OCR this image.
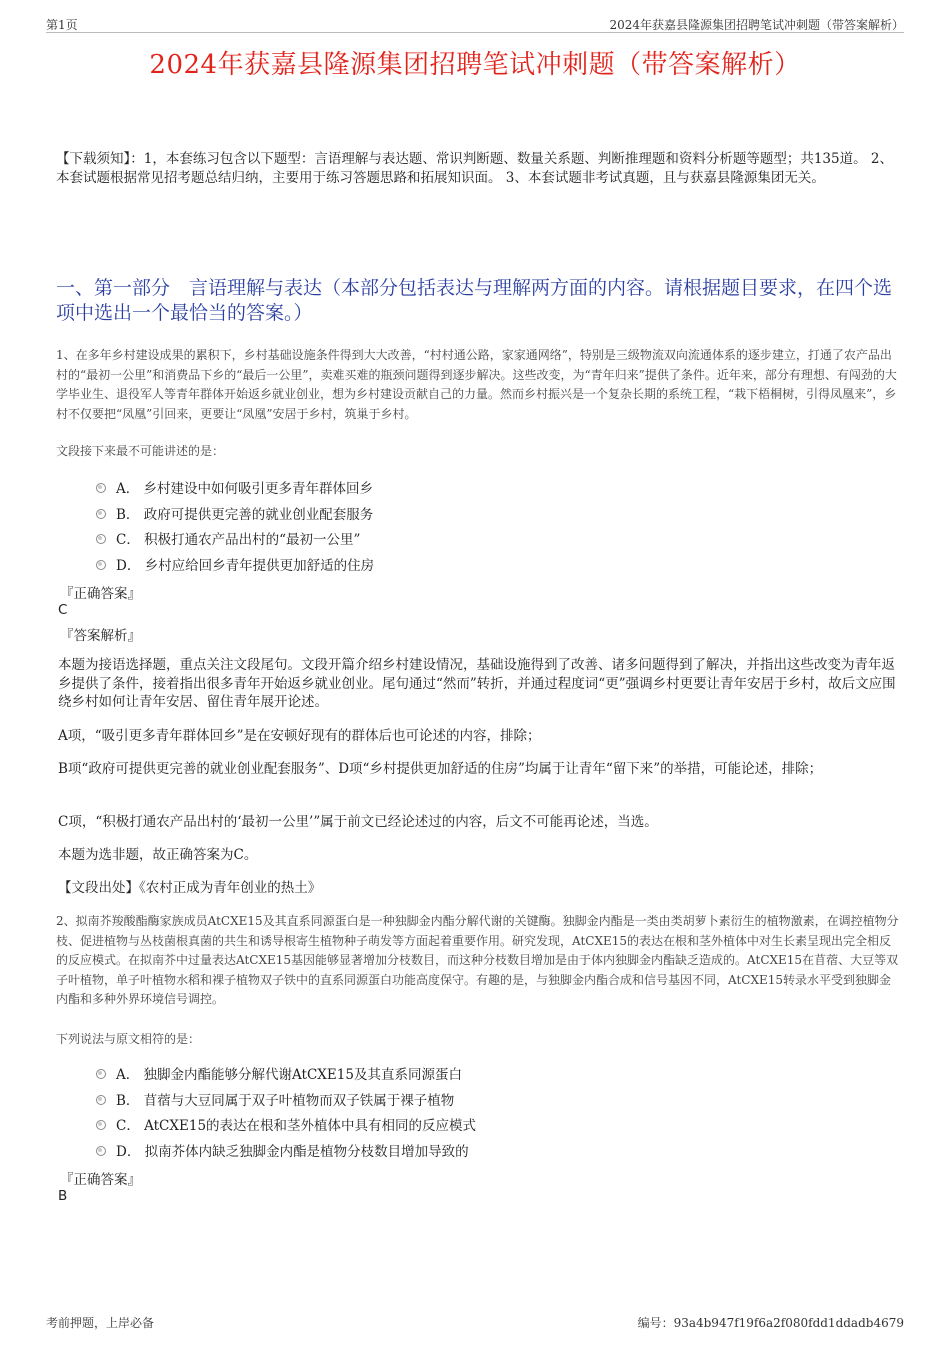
第1页	2024年获嘉县隆源集团招聘笔试冲刺题（带答案解析）
2024年获嘉县隆源集团招聘笔试冲刺题（带答案解析）
【下载须知】：1，本套练习包含以下题型：言语理解与表达题、常识判断题、数量关系题、判断推理题和资料分析题等题型；共135道。 2、本套试题根据常见招考题总结归纳，主要用于练习答题思路和拓展知识面。 3、本套试题非考试真题，且与获嘉县隆源集团无关。
一、第一部分　言语理解与表达（本部分包括表达与理解两方面的内容。请根据题目要求，在四个选项中选出一个最恰当的答案。）
1、在多年乡村建设成果的累积下，乡村基础设施条件得到大大改善，“村村通公路，家家通网络”，特别是三级物流双向流通体系的逐步建立，打通了农产品出村的“最初一公里”和消费品下乡的“最后一公里”，卖难买难的瓶颈问题得到逐步解决。这些改变，为“青年归来”提供了条件。近年来，部分有理想、有闯劲的大学毕业生、退役军人等青年群体开始返乡就业创业，想为乡村建设贡献自己的力量。然而乡村振兴是一个复杂长期的系统工程，“栽下梧桐树，引得凤凰来”，乡村不仅要把“凤凰”引回来，更要让“凤凰”安居于乡村，筑巢于乡村。
文段接下来最不可能讲述的是：
A． 乡村建设中如何吸引更多青年群体回乡
B． 政府可提供更完善的就业创业配套服务
C． 积极打通农产品出村的“最初一公里”
D． 乡村应给回乡青年提供更加舒适的住房
『正确答案』
C
『答案解析』
本题为接语选择题，重点关注文段尾句。文段开篇介绍乡村建设情况，基础设施得到了改善、诸多问题得到了解决，并指出这些改变为青年返乡提供了条件，接着指出很多青年开始返乡就业创业。尾句通过“然而”转折，并通过程度词“更”强调乡村更要让青年安居于乡村，故后文应围绕乡村如何让青年安居、留住青年展开论述。
A项，“吸引更多青年群体回乡”是在安顿好现有的群体后也可论述的内容，排除；
B项“政府可提供更完善的就业创业配套服务”、D项“乡村提供更加舒适的住房”均属于让青年“留下来”的举措，可能论述，排除；
C项，“积极打通农产品出村的‘最初一公里’”属于前文已经论述过的内容，后文不可能再论述，当选。
本题为选非题，故正确答案为C。
【文段出处】《农村正成为青年创业的热土》
2、拟南芥羧酸酯酶家族成员AtCXE15及其直系同源蛋白是一种独脚金内酯分解代谢的关键酶。独脚金内酯是一类由类胡萝卜素衍生的植物激素，在调控植物分枝、促进植物与丛枝菌根真菌的共生和诱导根寄生植物种子萌发等方面起着重要作用。研究发现，AtCXE15的表达在根和茎外植体中对生长素呈现出完全相反的反应模式。在拟南芥中过量表达AtCXE15基因能够显著增加分枝数目，而这种分枝数目增加是由于体内独脚金内酯缺乏造成的。AtCXE15在苜蓿、大豆等双子叶植物，单子叶植物水稻和裸子植物双子铁中的直系同源蛋白功能高度保守。有趣的是，与独脚金内酯合成和信号基因不同，AtCXE15转录水平受到独脚金内酯和多种外界环境信号调控。
下列说法与原文相符的是：
A． 独脚金内酯能够分解代谢AtCXE15及其直系同源蛋白
B． 苜蓿与大豆同属于双子叶植物而双子铁属于裸子植物
C． AtCXE15的表达在根和茎外植体中具有相同的反应模式
D． 拟南芥体内缺乏独脚金内酯是植物分枝数目增加导致的
『正确答案』
B
考前押题，上岸必备	编号：93a4b947f19f6a2f080fdd1ddadb4679
